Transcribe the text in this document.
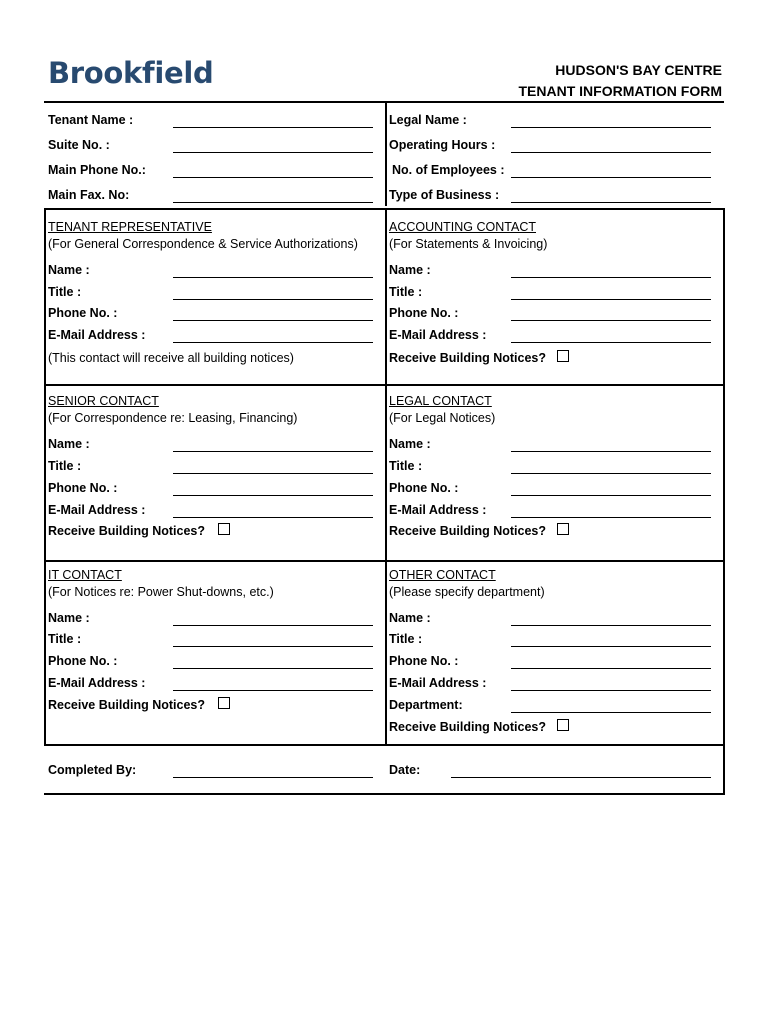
Brookfield	HUDSON'S BAY CENTRE
TENANT INFORMATION FORM
Tenant Name :	Legal Name :
Suite No. :	Operating Hours :
Main Phone No.:	No. of Employees :
Main Fax. No:	Type of Business :
TENANT REPRESENTATIVE
(For General Correspondence & Service Authorizations)
Name :
Title :
Phone No. :
E-Mail Address :
(This contact will receive all building notices)
ACCOUNTING CONTACT
(For Statements & Invoicing)
Name :
Title :
Phone No. :
E-Mail Address :
Receive Building Notices?
SENIOR CONTACT
(For Correspondence re: Leasing, Financing)
Name :
Title :
Phone No. :
E-Mail Address :
Receive Building Notices?
LEGAL CONTACT
(For Legal Notices)
Name :
Title :
Phone No. :
E-Mail Address :
Receive Building Notices?
IT CONTACT
(For Notices re: Power Shut-downs, etc.)
Name :
Title :
Phone No. :
E-Mail Address :
Receive Building Notices?
OTHER CONTACT
(Please specify department)
Name :
Title :
Phone No. :
E-Mail Address :
Department:
Receive Building Notices?
Completed By:	Date:
